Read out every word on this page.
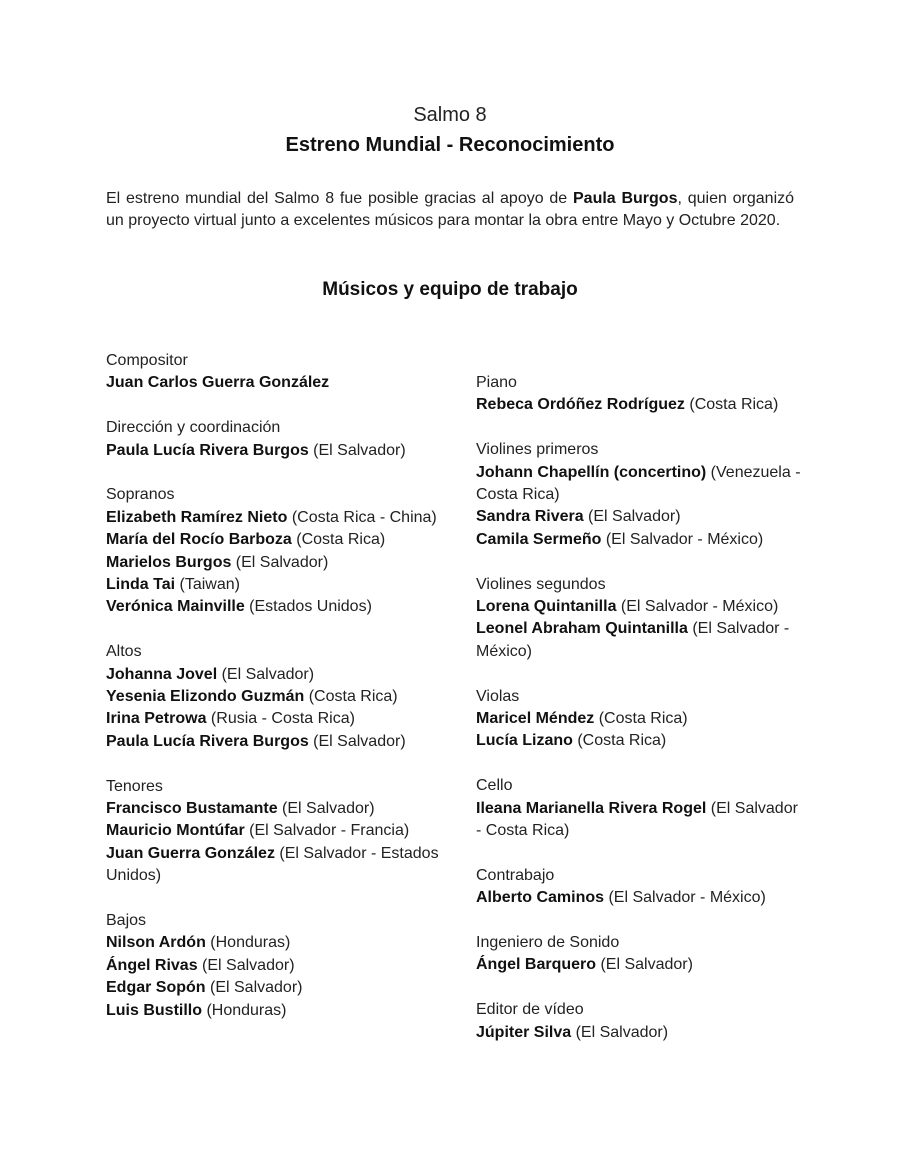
Salmo 8
Estreno Mundial - Reconocimiento

El estreno mundial del Salmo 8 fue posible gracias al apoyo de Paula Burgos, quien organizó un proyecto virtual junto a excelentes músicos para montar la obra entre Mayo y Octubre 2020.

Músicos y equipo de trabajo
Compositor
Juan Carlos Guerra González
Dirección y coordinación
Paula Lucía Rivera Burgos (El Salvador)
Sopranos
Elizabeth Ramírez Nieto (Costa Rica - China)
María del Rocío Barboza (Costa Rica)
Marielos Burgos (El Salvador)
Linda Tai (Taiwan)
Verónica Mainville (Estados Unidos)
Altos
Johanna Jovel (El Salvador)
Yesenia Elizondo Guzmán (Costa Rica)
Irina Petrowa (Rusia - Costa Rica)
Paula Lucía Rivera Burgos (El Salvador)
Tenores
Francisco Bustamante (El Salvador)
Mauricio Montúfar (El Salvador - Francia)
Juan Guerra González (El Salvador - Estados Unidos)
Bajos
Nilson Ardón (Honduras)
Ángel Rivas (El Salvador)
Edgar Sopón (El Salvador)
Luis Bustillo (Honduras)
Piano
Rebeca Ordóñez Rodríguez (Costa Rica)
Violines primeros
Johann Chapellín (concertino) (Venezuela - Costa Rica)
Sandra Rivera (El Salvador)
Camila Sermeño (El Salvador - México)
Violines segundos
Lorena Quintanilla (El Salvador - México)
Leonel Abraham Quintanilla (El Salvador - México)
Violas
Maricel Méndez (Costa Rica)
Lucía Lizano (Costa Rica)
Cello
Ileana Marianella Rivera Rogel (El Salvador - Costa Rica)
Contrabajo
Alberto Caminos (El Salvador - México)
Ingeniero de Sonido
Ángel Barquero (El Salvador)
Editor de vídeo
Júpiter Silva (El Salvador)
